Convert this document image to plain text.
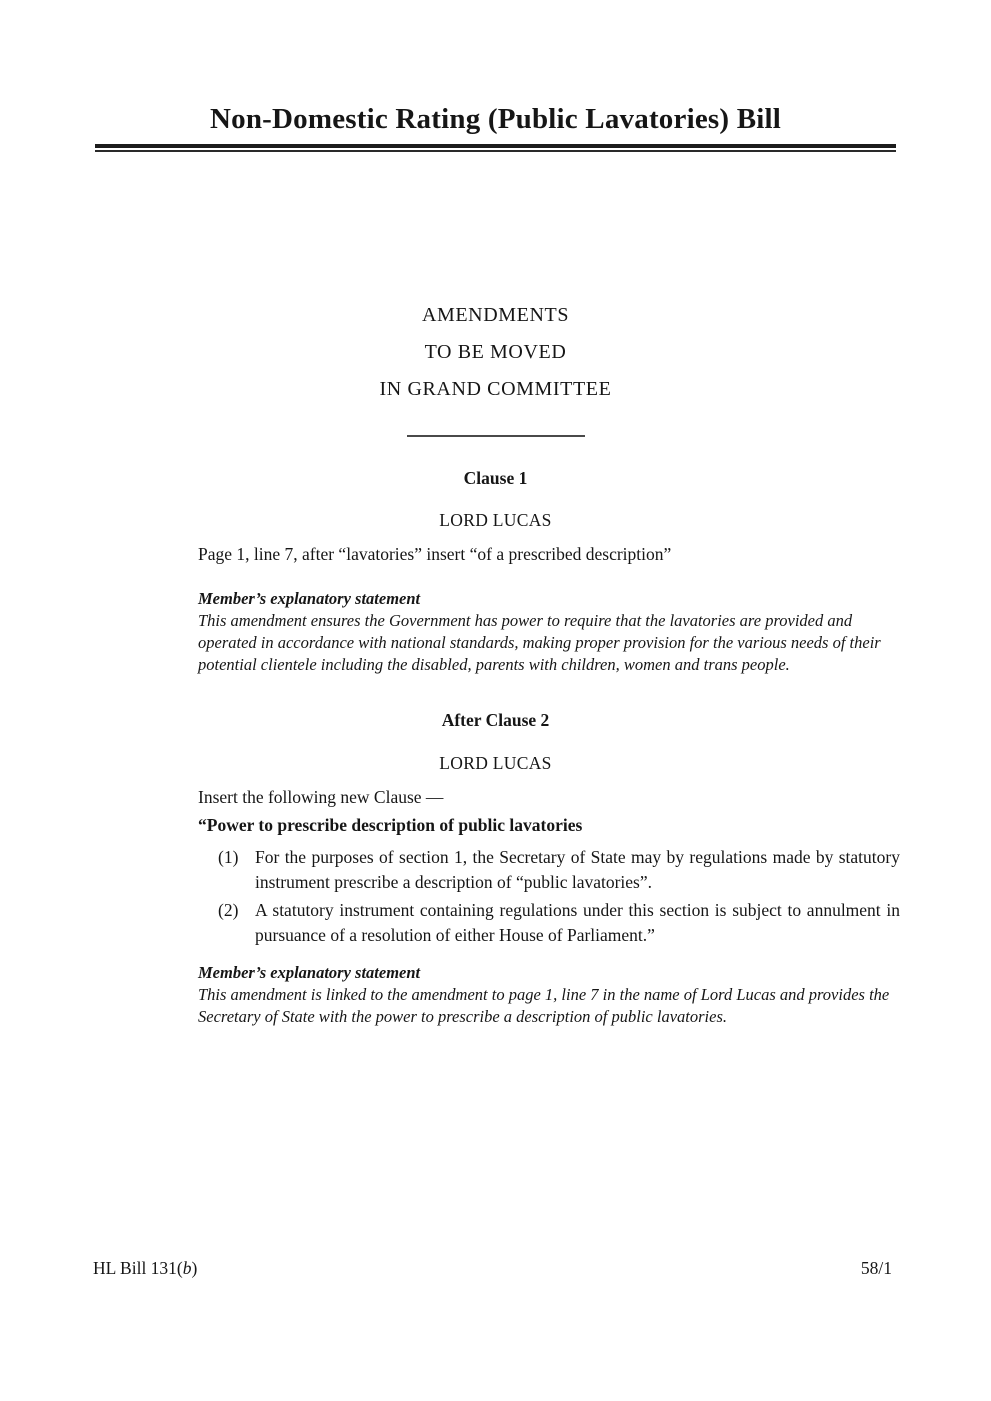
Non-Domestic Rating (Public Lavatories) Bill
AMENDMENTS
TO BE MOVED
IN GRAND COMMITTEE
Clause 1
LORD LUCAS
Page 1, line 7, after “lavatories” insert “of a prescribed description”
Member’s explanatory statement
This amendment ensures the Government has power to require that the lavatories are provided and operated in accordance with national standards, making proper provision for the various needs of their potential clientele including the disabled, parents with children, women and trans people.
After Clause 2
LORD LUCAS
Insert the following new Clause —
“Power to prescribe description of public lavatories
(1) For the purposes of section 1, the Secretary of State may by regulations made by statutory instrument prescribe a description of “public lavatories”.
(2) A statutory instrument containing regulations under this section is subject to annulment in pursuance of a resolution of either House of Parliament.”
Member’s explanatory statement
This amendment is linked to the amendment to page 1, line 7 in the name of Lord Lucas and provides the Secretary of State with the power to prescribe a description of public lavatories.
HL Bill 131(b)	58/1
